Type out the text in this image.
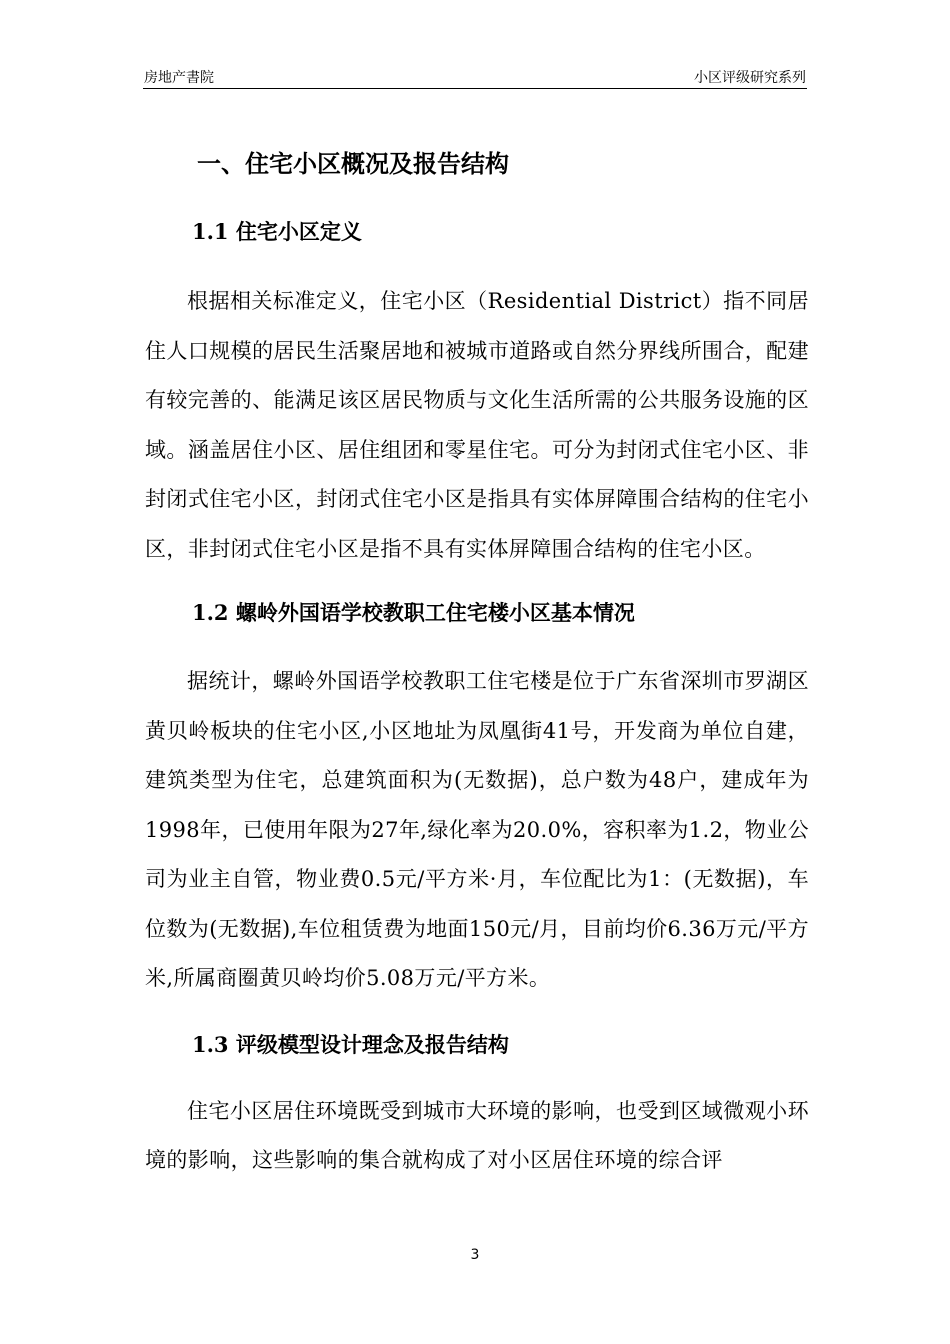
房地产書院	小区评级研究系列
一、住宅小区概况及报告结构
1.1 住宅小区定义

根据相关标准定义，住宅小区（Residential District）指不同居住人口规模的居民生活聚居地和被城市道路或自然分界线所围合，配建有较完善的、能满足该区居民物质与文化生活所需的公共服务设施的区域。涵盖居住小区、居住组团和零星住宅。可分为封闭式住宅小区、非封闭式住宅小区，封闭式住宅小区是指具有实体屏障围合结构的住宅小区，非封闭式住宅小区是指不具有实体屏障围合结构的住宅小区。

1.2 螺岭外国语学校教职工住宅楼小区基本情况

据统计，螺岭外国语学校教职工住宅楼是位于广东省深圳市罗湖区黄贝岭板块的住宅小区,小区地址为凤凰街41号，开发商为单位自建，建筑类型为住宅，总建筑面积为(无数据)，总户数为48户，建成年为1998年，已使用年限为27年,绿化率为20.0%，容积率为1.2，物业公司为业主自管，物业费0.5元/平方米·月，车位配比为1：(无数据)，车位数为(无数据),车位租赁费为地面150元/月，目前均价6.36万元/平方米,所属商圈黄贝岭均价5.08万元/平方米。

1.3 评级模型设计理念及报告结构

住宅小区居住环境既受到城市大环境的影响，也受到区域微观小环境的影响，这些影响的集合就构成了对小区居住环境的综合评

3
